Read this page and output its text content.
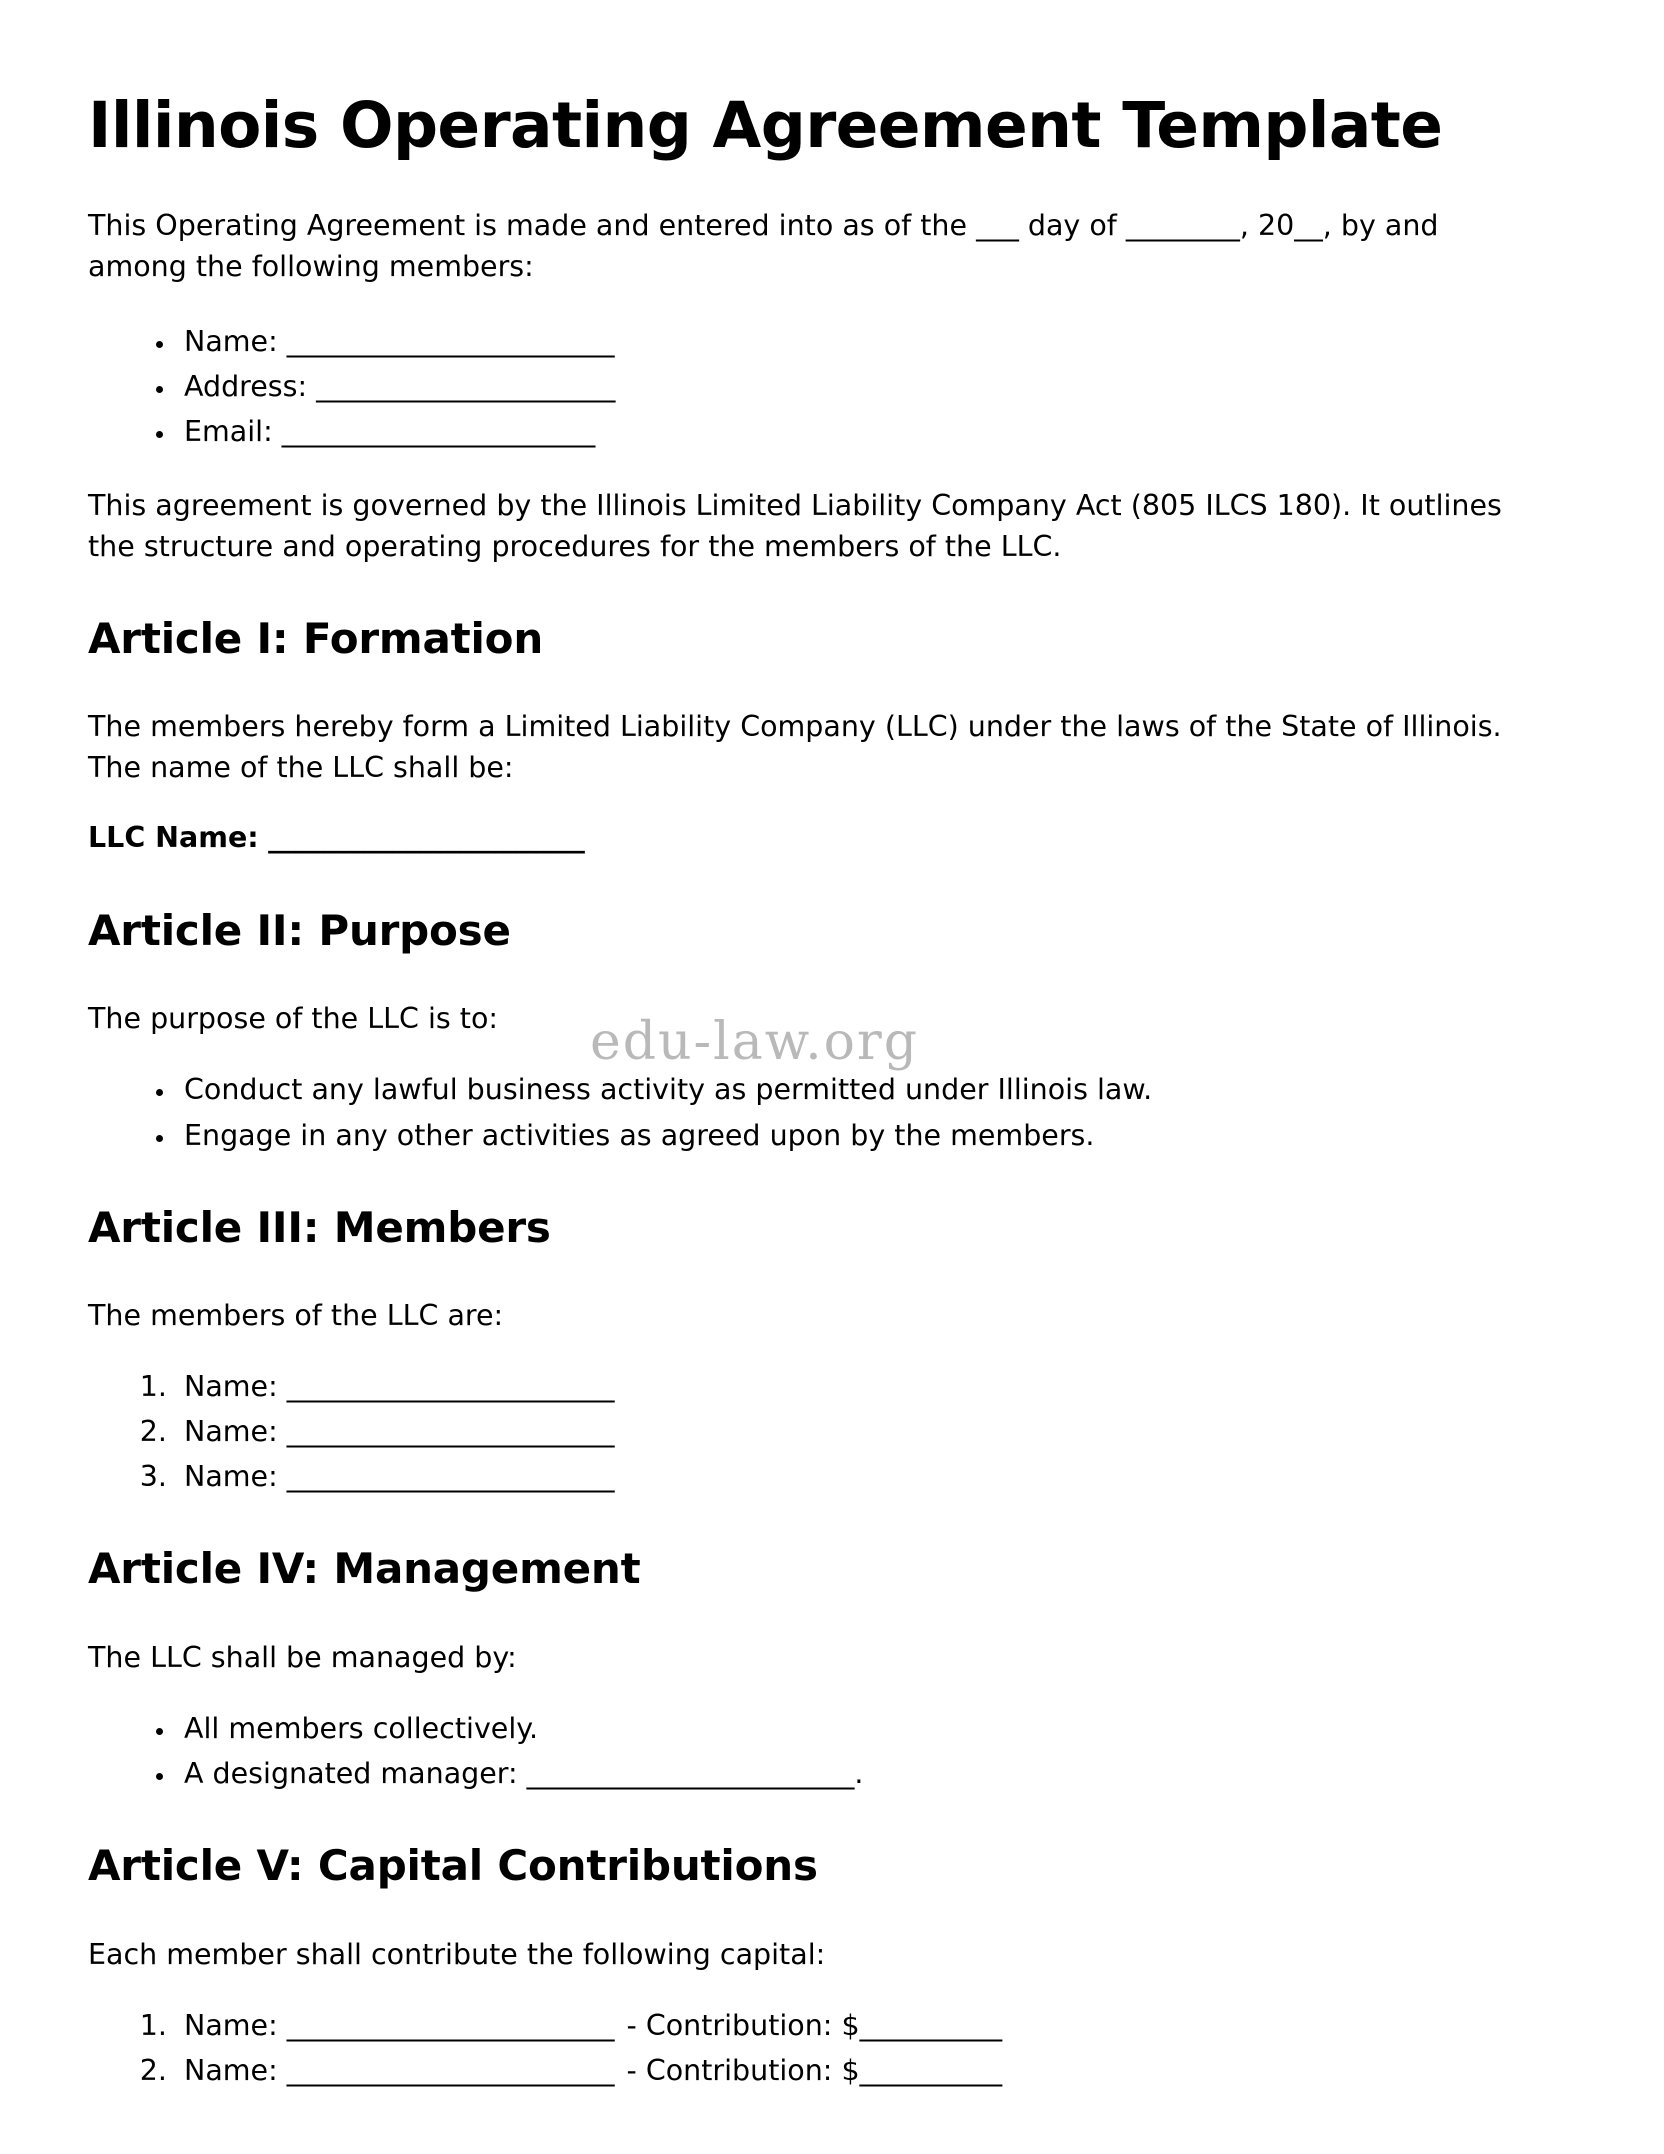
edu-law.org
Illinois Operating Agreement Template

This Operating Agreement is made and entered into as of the ___ day of ________, 20__, by and among the following members:

• Name: _______________________
• Address: _____________________
• Email: ______________________

This agreement is governed by the Illinois Limited Liability Company Act (805 ILCS 180). It outlines the structure and operating procedures for the members of the LLC.

Article I: Formation

The members hereby form a Limited Liability Company (LLC) under the laws of the State of Illinois. The name of the LLC shall be:

LLC Name: _______________________

Article II: Purpose

The purpose of the LLC is to:

• Conduct any lawful business activity as permitted under Illinois law.
• Engage in any other activities as agreed upon by the members.
Article III: Members

The members of the LLC are:

1. Name: _______________________
2. Name: _______________________
3. Name: _______________________
Article IV: Management

The LLC shall be managed by:

• All members collectively.
• A designated manager: _______________________.
Article V: Capital Contributions

Each member shall contribute the following capital:

1. Name: _______________________ - Contribution: $__________
2. Name: _______________________ - Contribution: $__________
